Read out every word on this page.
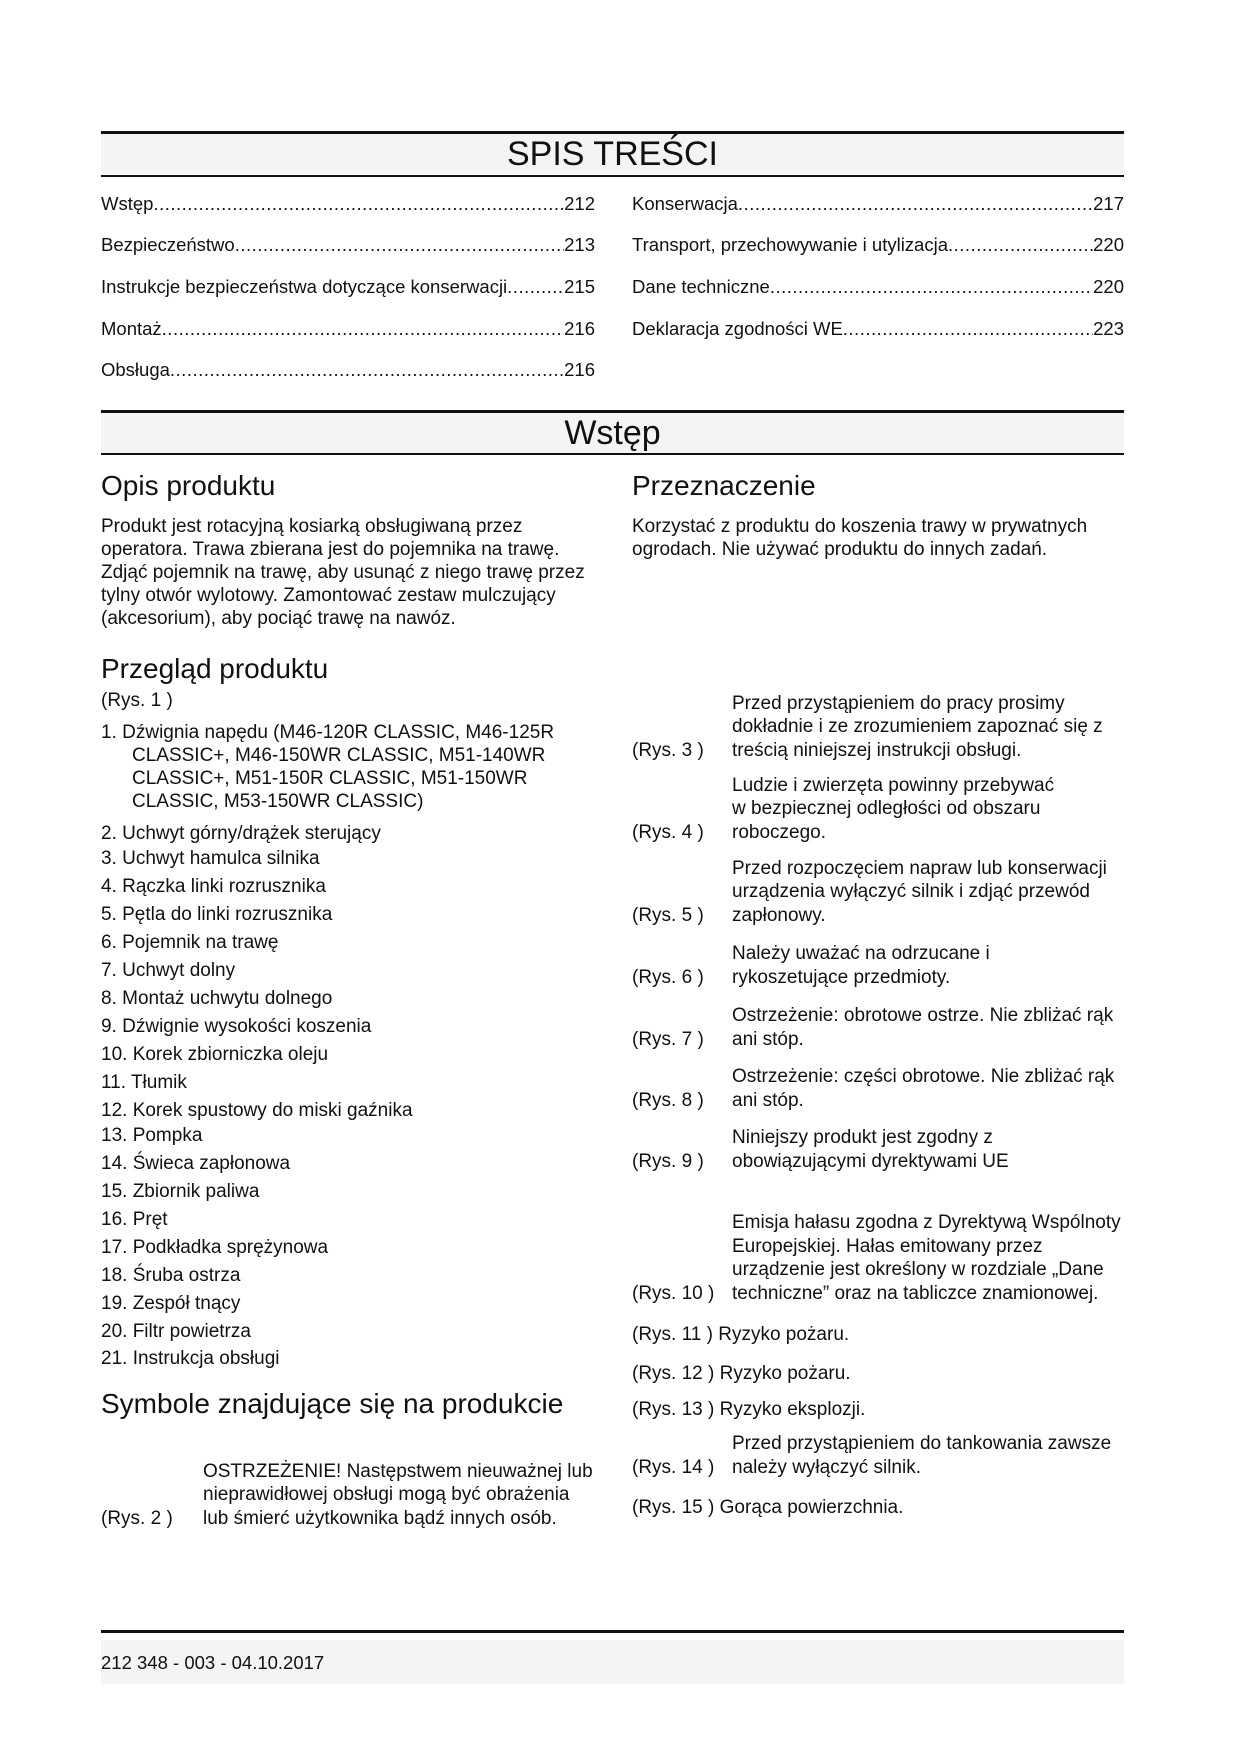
SPIS TREŚCI
Wstęp .....	212
Bezpieczeństwo .....	213
Instrukcje bezpieczeństwa dotyczące konserwacji .....	215
Montaż .....	216
Obsługa .....	216
Konserwacja .....	217
Transport, przechowywanie i utylizacja .....	220
Dane techniczne .....	220
Deklaracja zgodności WE .....	223
Wstęp
Opis produktu
Produkt jest rotacyjną kosiarką obsługiwaną przez operatora. Trawa zbierana jest do pojemnika na trawę. Zdjąć pojemnik na trawę, aby usunąć z niego trawę przez tylny otwór wylotowy. Zamontować zestaw mulczujący (akcesorium), aby pociąć trawę na nawóz.
Przeznaczenie
Korzystać z produktu do koszenia trawy w prywatnych ogrodach. Nie używać produktu do innych zadań.
Przegląd produktu
(Rys. 1 )
1. Dźwignia napędu (M46-120R CLASSIC, M46-125R
CLASSIC+, M46-150WR CLASSIC, M51-140WR CLASSIC+, M51-150R CLASSIC, M51-150WR CLASSIC, M53-150WR CLASSIC)
2. Uchwyt górny/drążek sterujący
3. Uchwyt hamulca silnika
4. Rączka linki rozrusznika
5. Pętla do linki rozrusznika
6. Pojemnik na trawę
7. Uchwyt dolny
8. Montaż uchwytu dolnego
9. Dźwignie wysokości koszenia
10. Korek zbiorniczka oleju
11. Tłumik
12. Korek spustowy do miski gaźnika
13. Pompka
14. Świeca zapłonowa
15. Zbiornik paliwa
16. Pręt
17. Podkładka sprężynowa
18. Śruba ostrza
19. Zespół tnący
20. Filtr powietrza
21. Instrukcja obsługi
Symbole znajdujące się na produkcie
(Rys. 2 )
OSTRZEŻENIE! Następstwem nieuważnej lub nieprawidłowej obsługi mogą być obrażenia lub śmierć użytkownika bądź innych osób.
(Rys. 3 )
Przed przystąpieniem do pracy prosimy dokładnie i ze zrozumieniem zapoznać się z treścią niniejszej instrukcji obsługi.
(Rys. 4 )
Ludzie i zwierzęta powinny przebywać w bezpiecznej odległości od obszaru roboczego.
(Rys. 5 )
Przed rozpoczęciem napraw lub konserwacji urządzenia wyłączyć silnik i zdjąć przewód zapłonowy.
(Rys. 6 )
Należy uważać na odrzucane i rykoszetujące przedmioty.
(Rys. 7 )
Ostrzeżenie: obrotowe ostrze. Nie zbliżać rąk ani stóp.
(Rys. 8 )
Ostrzeżenie: części obrotowe. Nie zbliżać rąk ani stóp.
(Rys. 9 )
Niniejszy produkt jest zgodny z obowiązującymi dyrektywami UE
(Rys. 10 )
Emisja hałasu zgodna z Dyrektywą Wspólnoty Europejskiej. Hałas emitowany przez urządzenie jest określony w rozdziale „Dane techniczne” oraz na tabliczce znamionowej.
(Rys. 11 ) Ryzyko pożaru.
(Rys. 12 ) Ryzyko pożaru.
(Rys. 13 ) Ryzyko eksplozji.
(Rys. 14 )
Przed przystąpieniem do tankowania zawsze należy wyłączyć silnik.
(Rys. 15 ) Gorąca powierzchnia.
212 348 - 003 - 04.10.2017
